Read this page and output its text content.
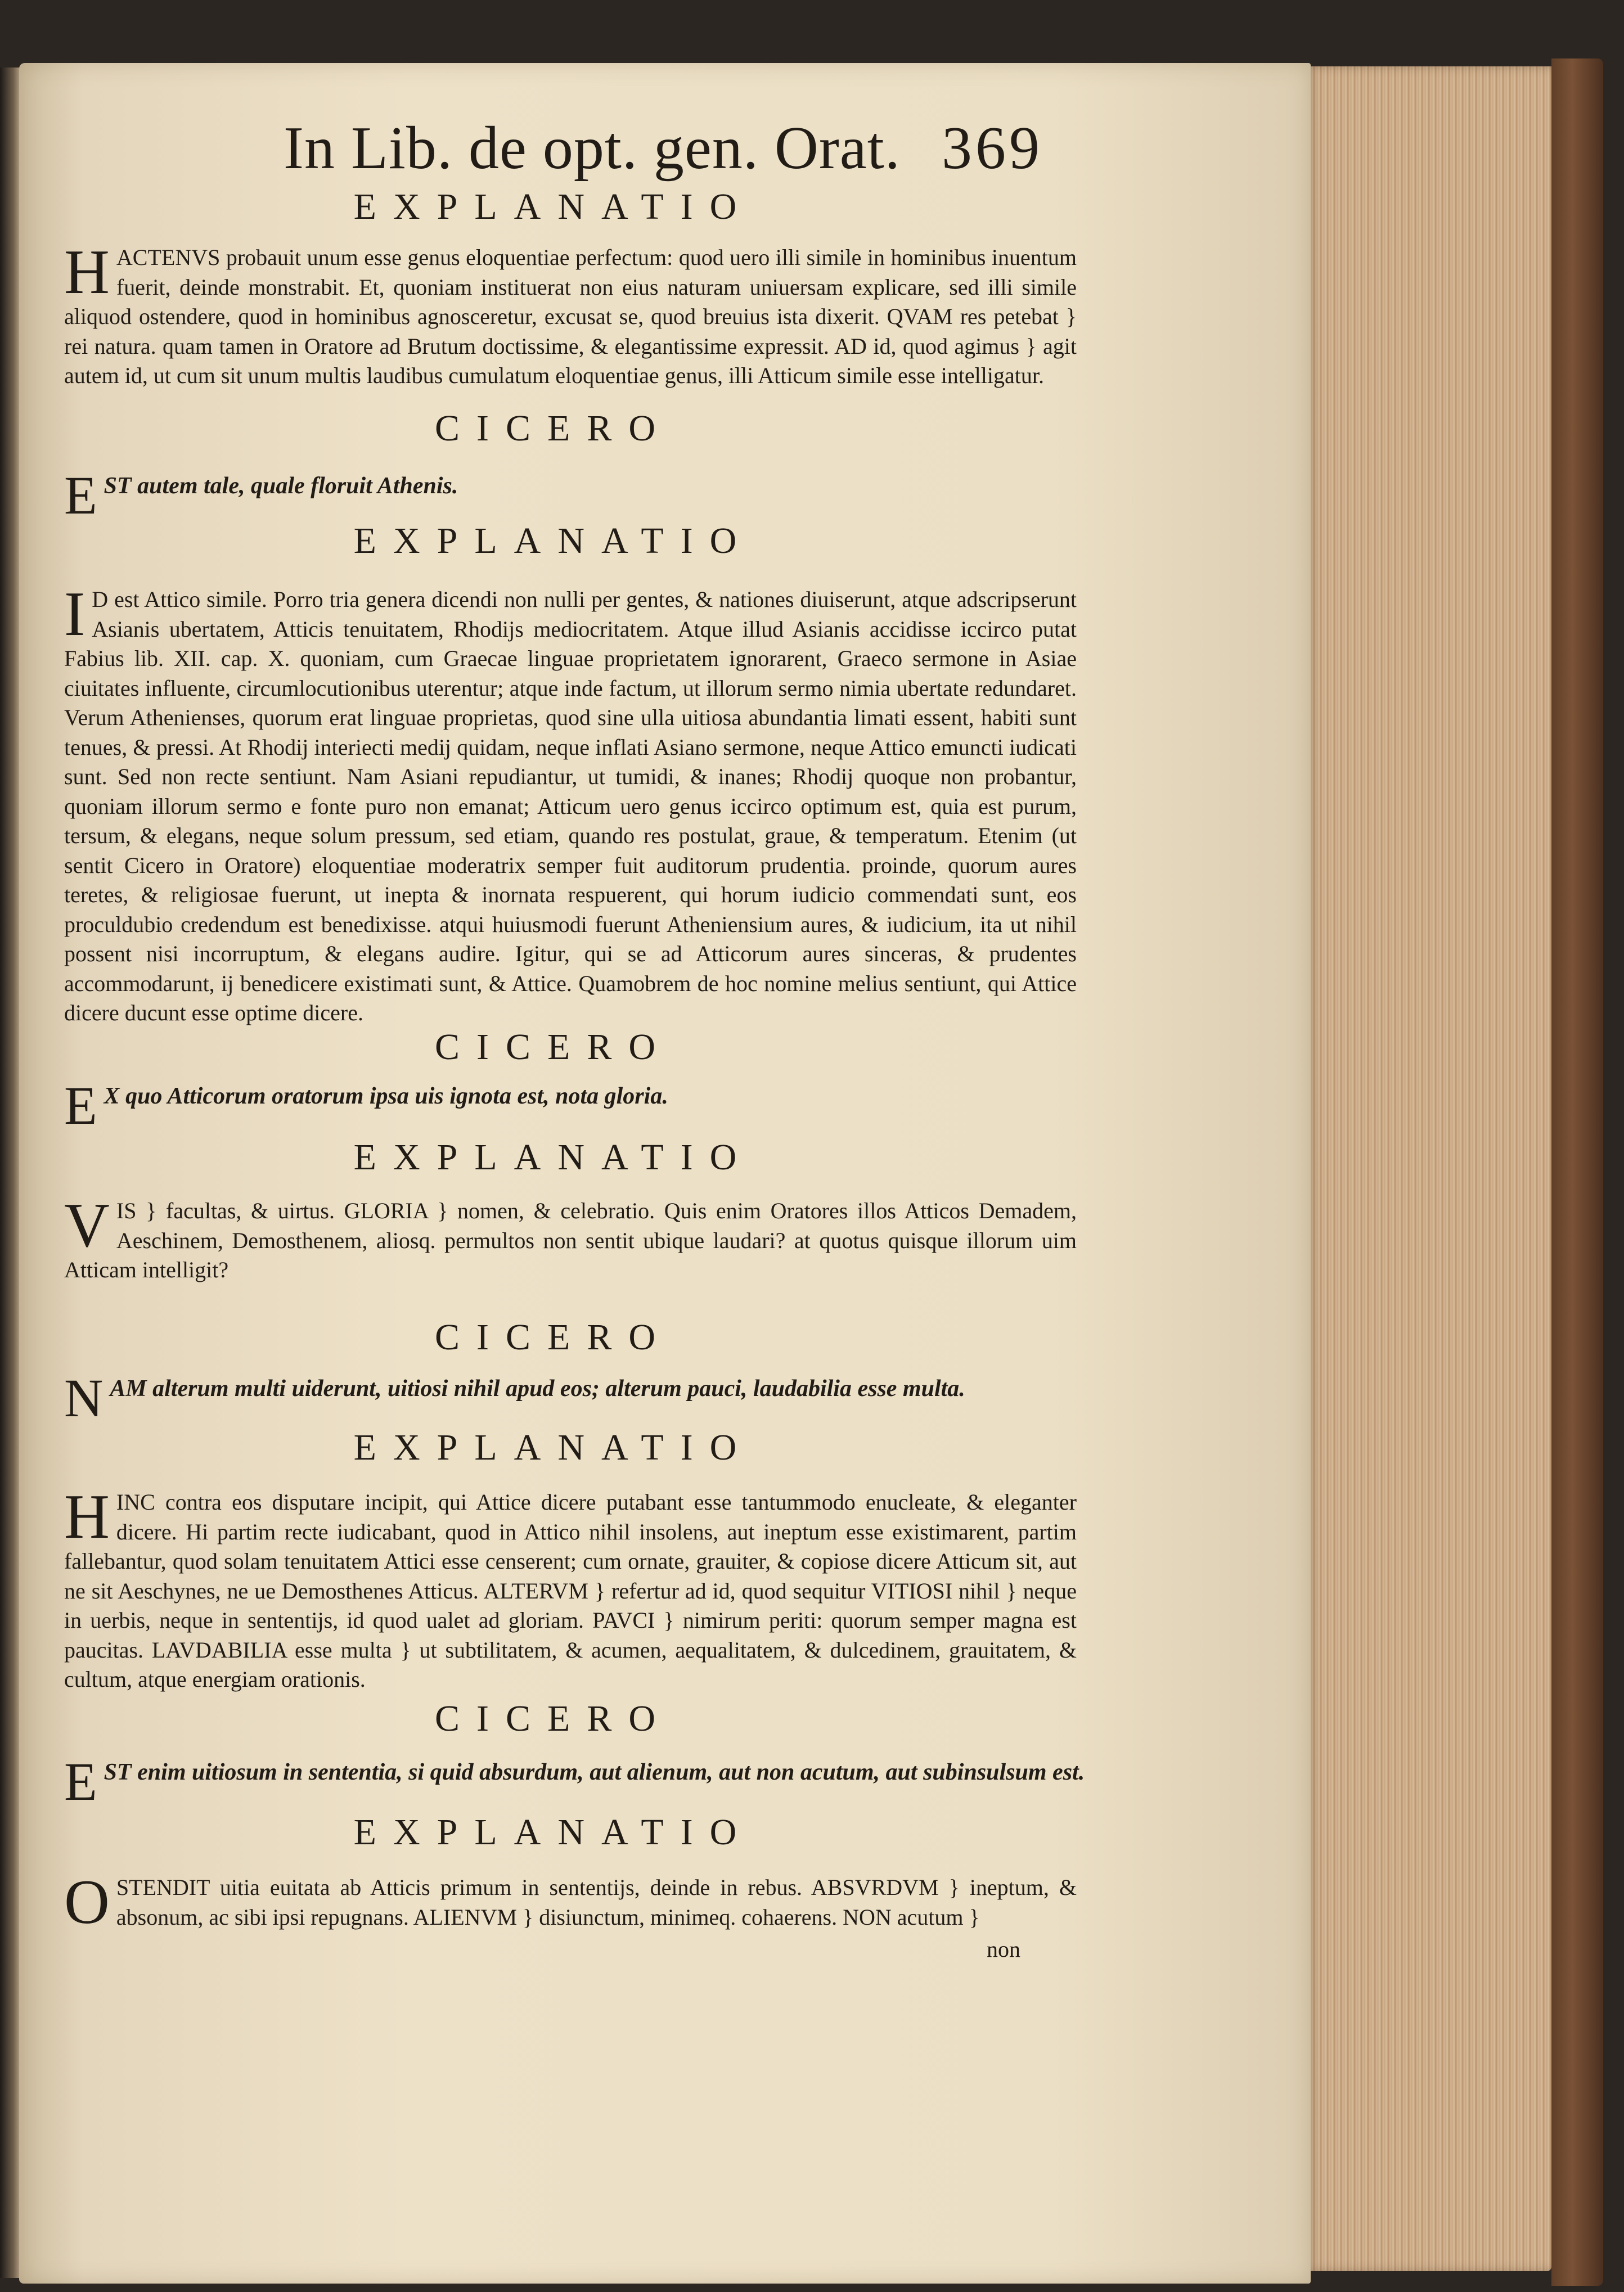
In Lib. de opt. gen. Orat. 369
EXPLANATIO
HACTENVS probauit unum esse genus eloquentiae perfectum: quod uero illi simile in hominibus inuentum fuerit, deinde monstrabit. Et, quoniam instituerat non eius naturam uniuersam explicare, sed illi simile aliquod ostendere, quod in hominibus agnosceretur, excusat se, quod breuius ista dixerit. QVAM res petebat } rei natura. quam tamen in Oratore ad Brutum doctissime, & elegantissime expressit. AD id, quod agimus } agit autem id, ut cum sit unum multis laudibus cumulatum eloquentiae genus, illi Atticum simile esse intelligatur.
CICERO
EST autem tale, quale floruit Athenis.
EXPLANATIO
I D est Attico simile. Porro tria genera dicendi non nulli per gentes, & nationes diuiserunt, atque adscripserunt Asianis ubertatem, Atticis tenuitatem, Rhodijs mediocritatem. Atque illud Asianis accidisse iccirco putat Fabius lib. XII. cap. X. quoniam, cum Graecae linguae proprietatem ignorarent, Graeco sermone in Asiae ciuitates influente, circumlocutionibus uterentur; atque inde factum, ut illorum sermo nimia ubertate redundaret. Verum Athenienses, quorum erat linguae proprietas, quod sine ulla uitiosa abundantia limati essent, habiti sunt tenues, & pressi. At Rhodij interiecti medij quidam, neque inflati Asiano sermone, neque Attico emuncti iudicati sunt. Sed non recte sentiunt. Nam Asiani repudiantur, ut tumidi, & inanes; Rhodij quoque non probantur, quoniam illorum sermo e fonte puro non emanat; Atticum uero genus iccirco optimum est, quia est purum, tersum, & elegans, neque solum pressum, sed etiam, quando res postulat, graue, & temperatum. Etenim (ut sentit Cicero in Oratore) eloquentiae moderatrix semper fuit auditorum prudentia. proinde, quorum aures teretes, & religiosae fuerunt, ut inepta & inornata respuerent, qui horum iudicio commendati sunt, eos proculdubio credendum est benedixisse. atqui huiusmodi fuerunt Atheniensium aures, & iudicium, ita ut nihil possent nisi incorruptum, & elegans audire. Igitur, qui se ad Atticorum aures sinceras, & prudentes accommodarunt, ij benedicere existimati sunt, & Attice. Quamobrem de hoc nomine melius sentiunt, qui Attice dicere ducunt esse optime dicere.
CICERO
E X quo Atticorum oratorum ipsa uis ignota est, nota gloria.
EXPLANATIO
VIS } facultas, & uirtus. GLORIA } nomen, & celebratio. Quis enim Oratores illos Atticos Demadem, Aeschinem, Demosthenem, aliosq. permultos non sentit ubique laudari? at quotus quisque illorum uim Atticam intelligit?
CICERO
NAM alterum multi uiderunt, uitiosi nihil apud eos; alterum pauci, laudabilia esse multa.
EXPLANATIO
HINC contra eos disputare incipit, qui Attice dicere putabant esse tantummodo enucleate, & eleganter dicere. Hi partim recte iudicabant, quod in Attico nihil insolens, aut ineptum esse existimarent, partim fallebantur, quod solam tenuitatem Attici esse censerent; cum ornate, grauiter, & copiose dicere Atticum sit, aut ne sit Aeschynes, ne ue Demosthenes Atticus. ALTERVM } refertur ad id, quod sequitur VITIOSI nihil } neque in uerbis, neque in sententijs, id quod ualet ad gloriam. PAVCI } nimirum periti: quorum semper magna est paucitas. LAVDABILIA esse multa } ut subtilitatem, & acumen, aequalitatem, & dulcedinem, grauitatem, & cultum, atque energiam orationis.
CICERO
EST enim uitiosum in sententia, si quid absurdum, aut alienum, aut non acutum, aut subinsulsum est.
EXPLANATIO
OSTENDIT uitia euitata ab Atticis primum in sententijs, deinde in rebus. ABSVRDVM } ineptum, & absonum, ac sibi ipsi repugnans. ALIENVM } disiunctum, minimeq. cohaerens. NON acutum }
non
